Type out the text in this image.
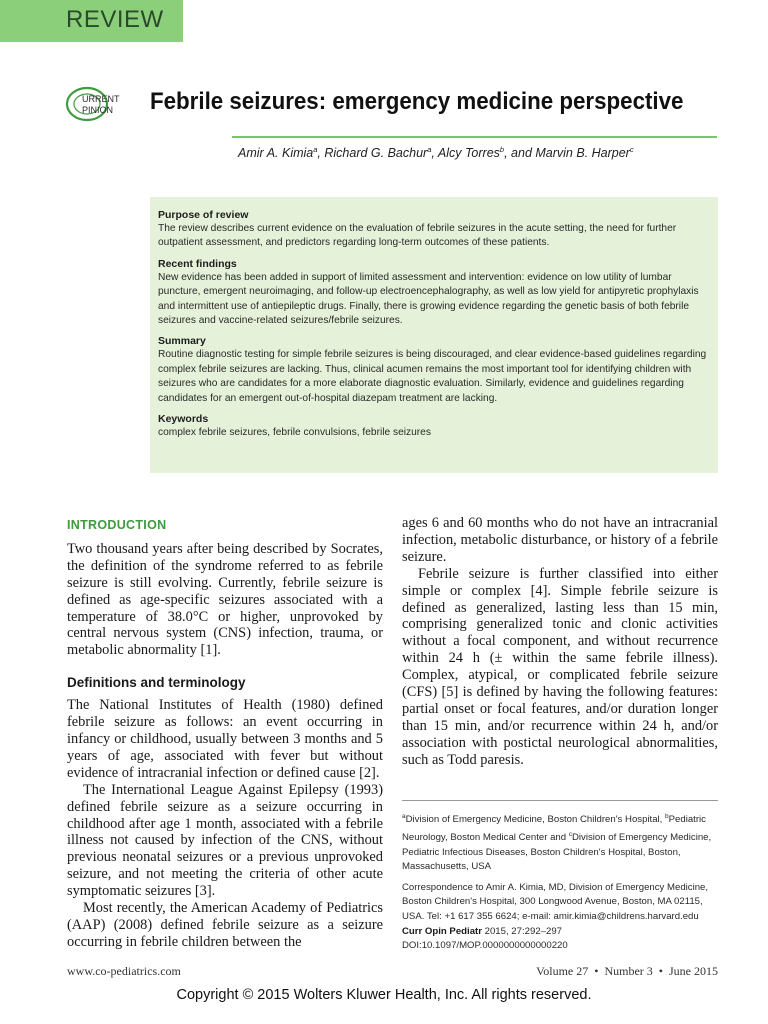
REVIEW
URRENT
PINION Febrile seizures: emergency medicine perspective
Amir A. Kimia$^a$, Richard G. Bachur$^a$, Alcy Torres$^b$, and Marvin B. Harper$^c$
Purpose of review
The review describes current evidence on the evaluation of febrile seizures in the acute setting, the need for further outpatient assessment, and predictors regarding long-term outcomes of these patients.
Recent findings
New evidence has been added in support of limited assessment and intervention: evidence on low utility of lumbar puncture, emergent neuroimaging, and follow-up electroencephalography, as well as low yield for antipyretic prophylaxis and intermittent use of antiepileptic drugs. Finally, there is growing evidence regarding the genetic basis of both febrile seizures and vaccine-related seizures/febrile seizures.
Summary
Routine diagnostic testing for simple febrile seizures is being discouraged, and clear evidence-based guidelines regarding complex febrile seizures are lacking. Thus, clinical acumen remains the most important tool for identifying children with seizures who are candidates for a more elaborate diagnostic evaluation. Similarly, evidence and guidelines regarding candidates for an emergent out-of-hospital diazepam treatment are lacking.
Keywords
complex febrile seizures, febrile convulsions, febrile seizures
INTRODUCTION

Two thousand years after being described by Socrates, the definition of the syndrome referred to as febrile seizure is still evolving. Currently, febrile seizure is defined as age-specific seizures associated with a temperature of 38.0°C or higher, unprovoked by central nervous system (CNS) infection, trauma, or metabolic abnormality [1].

Definitions and terminology

The National Institutes of Health (1980) defined febrile seizure as follows: an event occurring in infancy or childhood, usually between 3 months and 5 years of age, associated with fever but without evidence of intracranial infection or defined cause [2].

The International League Against Epilepsy (1993) defined febrile seizure as a seizure occurring in childhood after age 1 month, associated with a febrile illness not caused by infection of the CNS, without previous neonatal seizures or a previous unprovoked seizure, and not meeting the criteria of other acute symptomatic seizures [3].

Most recently, the American Academy of Pediatrics (AAP) (2008) defined febrile seizure as a seizure occurring in febrile children between the

ages 6 and 60 months who do not have an intracranial infection, metabolic disturbance, or history of a febrile seizure.

Febrile seizure is further classified into either simple or complex [4]. Simple febrile seizure is defined as generalized, lasting less than 15 min, comprising generalized tonic and clonic activities without a focal component, and without recurrence within 24 h (± within the same febrile illness). Complex, atypical, or complicated febrile seizure (CFS) [5] is defined by having the following features: partial onset or focal features, and/or duration longer than 15 min, and/or recurrence within 24 h, and/or association with postictal neurological abnormalities, such as Todd paresis.

$^a$Division of Emergency Medicine, Boston Children's Hospital, $^b$Pediatric Neurology, Boston Medical Center and $^c$Division of Emergency Medicine, Pediatric Infectious Diseases, Boston Children's Hospital, Boston, Massachusetts, USA
Correspondence to Amir A. Kimia, MD, Division of Emergency Medicine, Boston Children's Hospital, 300 Longwood Avenue, Boston, MA 02115, USA. Tel: +1 617 355 6624; e-mail: amir.kimia@childrens.harvard.edu
Curr Opin Pediatr 2015, 27:292–297
DOI:10.1097/MOP.0000000000000220
www.co-pediatrics.com	Volume 27  •  Number 3  •  June 2015
Copyright © 2015 Wolters Kluwer Health, Inc. All rights reserved.
